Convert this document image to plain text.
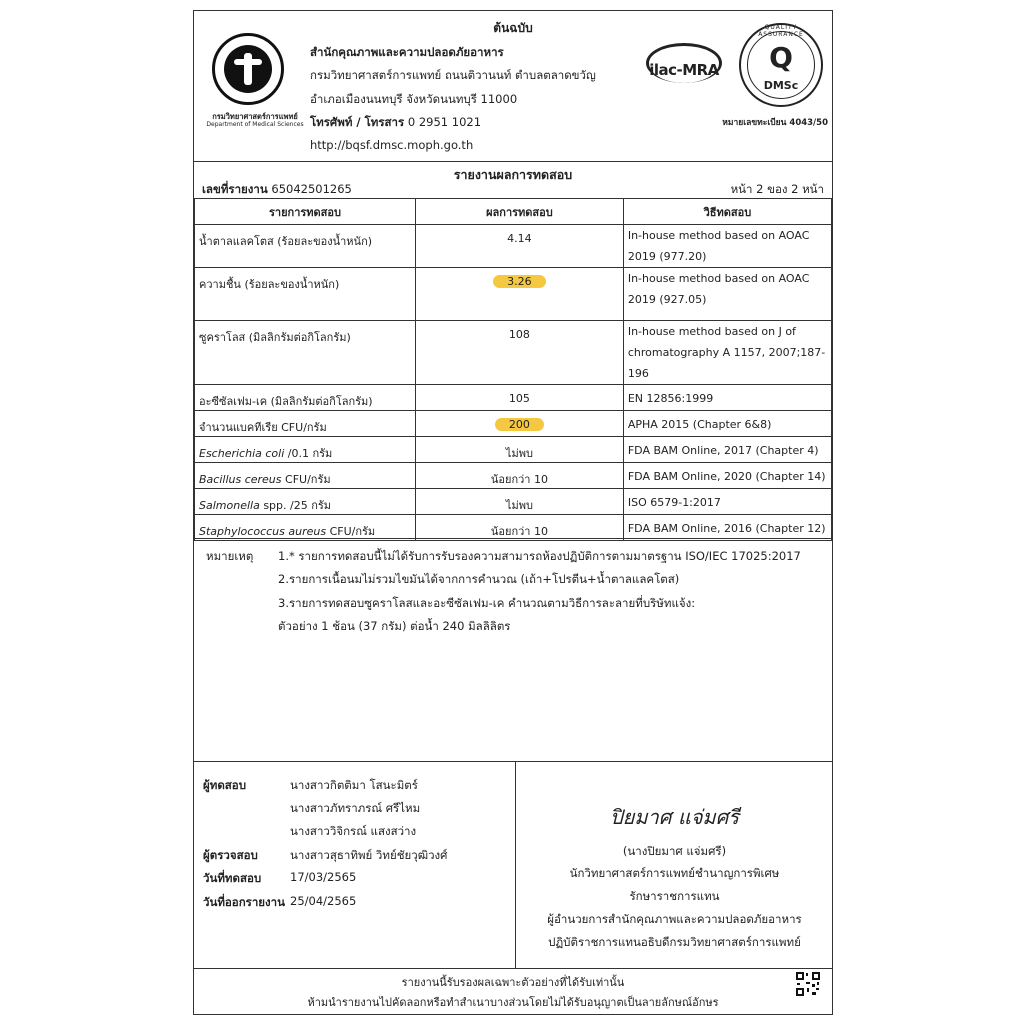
ต้นฉบับ
กรมวิทยาศาสตร์การแพทย์
Department of Medical Sciences
สำนักคุณภาพและความปลอดภัยอาหาร
กรมวิทยาศาสตร์การแพทย์ ถนนติวานนท์ ตำบลตลาดขวัญ
อำเภอเมืองนนทบุรี จังหวัดนนทบุรี 11000
โทรศัพท์ / โทรสาร 0 2951 1021
http://bqsf.dmsc.moph.go.th
ilac-MRA
QUALITY ASSURANCE
Q
DMSc
หมายเลขทะเบียน 4043/50
รายงานผลการทดสอบ
เลขที่รายงาน 65042501265	หน้า 2 ของ 2 หน้า
รายการทดสอบ	ผลการทดสอบ	วิธีทดสอบ
น้ำตาลแลคโตส (ร้อยละของน้ำหนัก)	4.14	In-house method based on AOAC 2019 (977.20)
ความชื้น (ร้อยละของน้ำหนัก)	3.26	In-house method based on AOAC 2019 (927.05)
ซูคราโลส (มิลลิกรัมต่อกิโลกรัม)	108	In-house method based on J of chromatography A 1157, 2007;187-196
อะซีซัลเฟม-เค (มิลลิกรัมต่อกิโลกรัม)	105	EN 12856:1999
จำนวนแบคทีเรีย CFU/กรัม	200	APHA 2015 (Chapter 6&8)
Escherichia coli /0.1 กรัม	ไม่พบ	FDA BAM Online, 2017 (Chapter 4)
Bacillus cereus CFU/กรัม	น้อยกว่า 10	FDA BAM Online, 2020 (Chapter 14)
Salmonella spp. /25 กรัม	ไม่พบ	ISO 6579-1:2017
Staphylococcus aureus CFU/กรัม	น้อยกว่า 10	FDA BAM Online, 2016 (Chapter 12)
หมายเหตุ 1.* รายการทดสอบนี้ไม่ได้รับการรับรองความสามารถห้องปฏิบัติการตามมาตรฐาน ISO/IEC 17025:2017
2.รายการเนื้อนมไม่รวมไขมันได้จากการคำนวณ (เถ้า+โปรตีน+น้ำตาลแลคโตส)
3.รายการทดสอบซูคราโลสและอะซีซัลเฟม-เค คำนวณตามวิธีการละลายที่บริษัทแจ้ง:
ตัวอย่าง 1 ช้อน (37 กรัม) ต่อน้ำ 240 มิลลิลิตร
ผู้ทดสอบ	นางสาวกิตติมา โสนะมิตร์
นางสาวภัทราภรณ์ ศรีไหม
นางสาววิจิกรณ์ แสงสว่าง
ผู้ตรวจสอบ	นางสาวสุธาทิพย์ วิทย์ชัยวุฒิวงศ์
วันที่ทดสอบ	17/03/2565
วันที่ออกรายงาน 25/04/2565
ปิยมาศ แจ่มศรี
(นางปิยมาศ แจ่มศรี)
นักวิทยาศาสตร์การแพทย์ชำนาญการพิเศษ
รักษาราชการแทน
ผู้อำนวยการสำนักคุณภาพและความปลอดภัยอาหาร
ปฏิบัติราชการแทนอธิบดีกรมวิทยาศาสตร์การแพทย์
รายงานนี้รับรองผลเฉพาะตัวอย่างที่ได้รับเท่านั้น
ห้ามนำรายงานไปคัดลอกหรือทำสำเนาบางส่วนโดยไม่ได้รับอนุญาตเป็นลายลักษณ์อักษร
